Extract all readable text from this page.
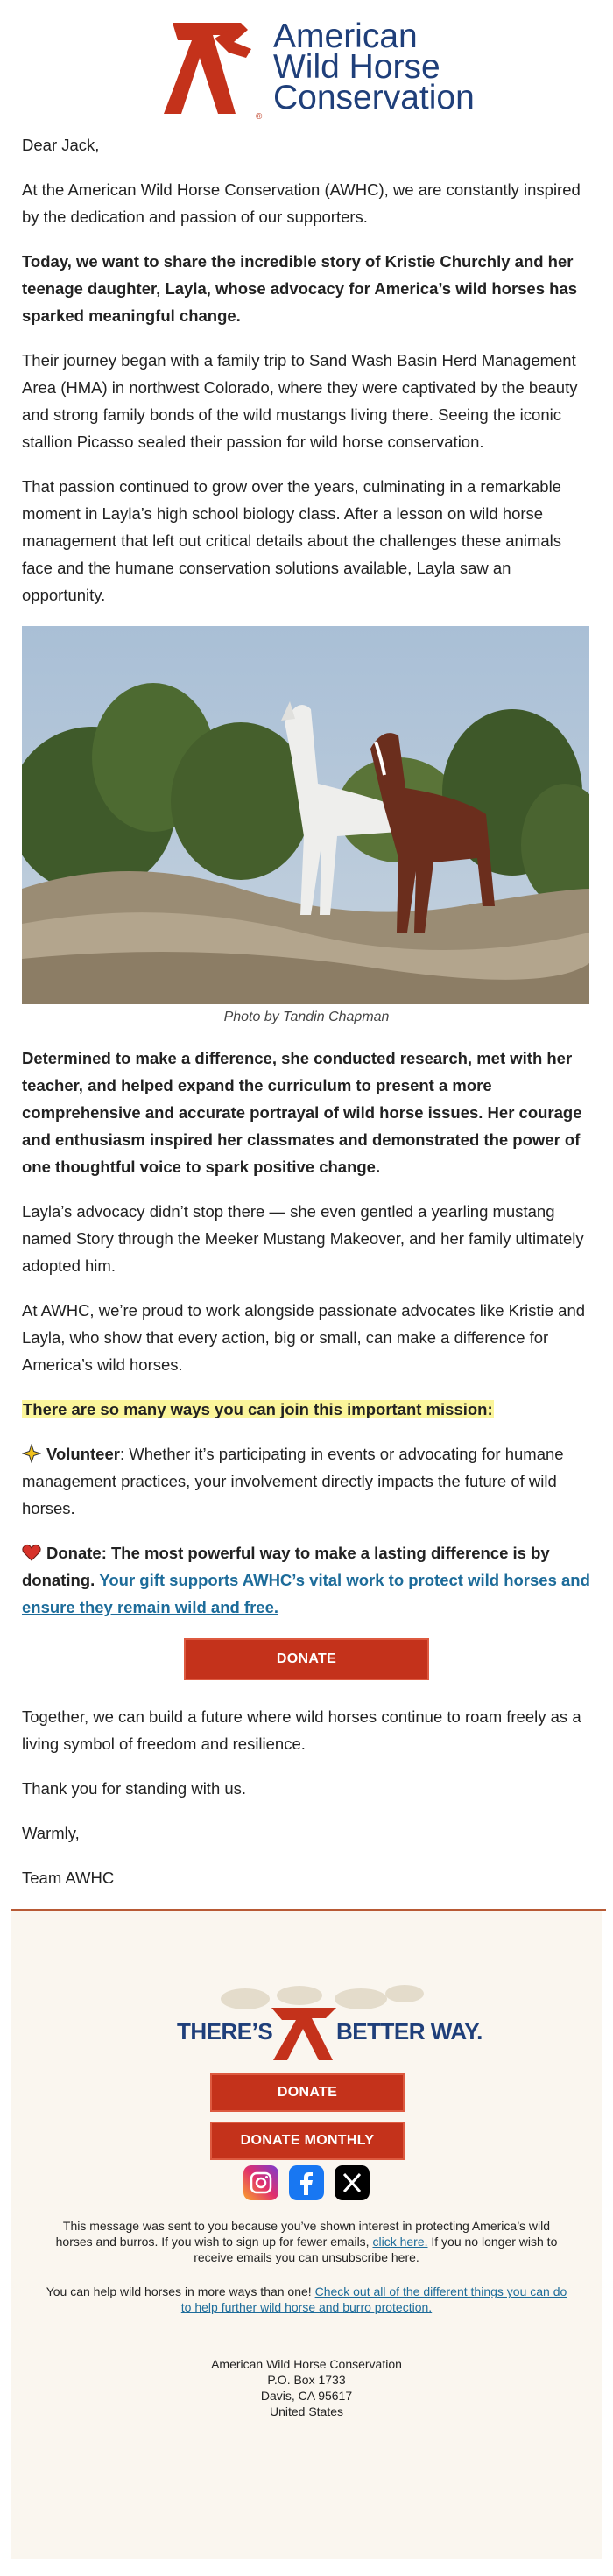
American
Wild Horse
Conservation
®

Dear Jack,

At the American Wild Horse Conservation (AWHC), we are constantly inspired by the dedication and passion of our supporters.

Today, we want to share the incredible story of Kristie Churchly and her teenage daughter, Layla, whose advocacy for America’s wild horses has sparked meaningful change.

Their journey began with a family trip to Sand Wash Basin Herd Management Area (HMA) in northwest Colorado, where they were captivated by the beauty and strong family bonds of the wild mustangs living there. Seeing the iconic stallion Picasso sealed their passion for wild horse conservation.

That passion continued to grow over the years, culminating in a remarkable moment in Layla’s high school biology class. After a lesson on wild horse management that left out critical details about the challenges these animals face and the humane conservation solutions available, Layla saw an opportunity.

Photo by Tandin Chapman

Determined to make a difference, she conducted research, met with her teacher, and helped expand the curriculum to present a more comprehensive and accurate portrayal of wild horse issues. Her courage and enthusiasm inspired her classmates and demonstrated the power of one thoughtful voice to spark positive change.

Layla’s advocacy didn’t stop there — she even gentled a yearling mustang named Story through the Meeker Mustang Makeover, and her family ultimately adopted him.

At AWHC, we’re proud to work alongside passionate advocates like Kristie and Layla, who show that every action, big or small, can make a difference for America’s wild horses.

There are so many ways you can join this important mission:

Volunteer: Whether it’s participating in events or advocating for humane management practices, your involvement directly impacts the future of wild horses.

Donate: The most powerful way to make a lasting difference is by donating. Your gift supports AWHC’s vital work to protect wild horses and ensure they remain wild and free.

DONATE

Together, we can build a future where wild horses continue to roam freely as a living symbol of freedom and resilience.

Thank you for standing with us.

Warmly,

Team AWHC

THERE’S	BETTER WAY.
DONATE
DONATE MONTHLY

This message was sent to you because you’ve shown interest in protecting America’s wild horses and burros. If you wish to sign up for fewer emails, click here. If you no longer wish to receive emails you can unsubscribe here.
You can help wild horses in more ways than one! Check out all of the different things you can do to help further wild horse and burro protection.
American Wild Horse Conservation
P.O. Box 1733
Davis, CA 95617
United States
